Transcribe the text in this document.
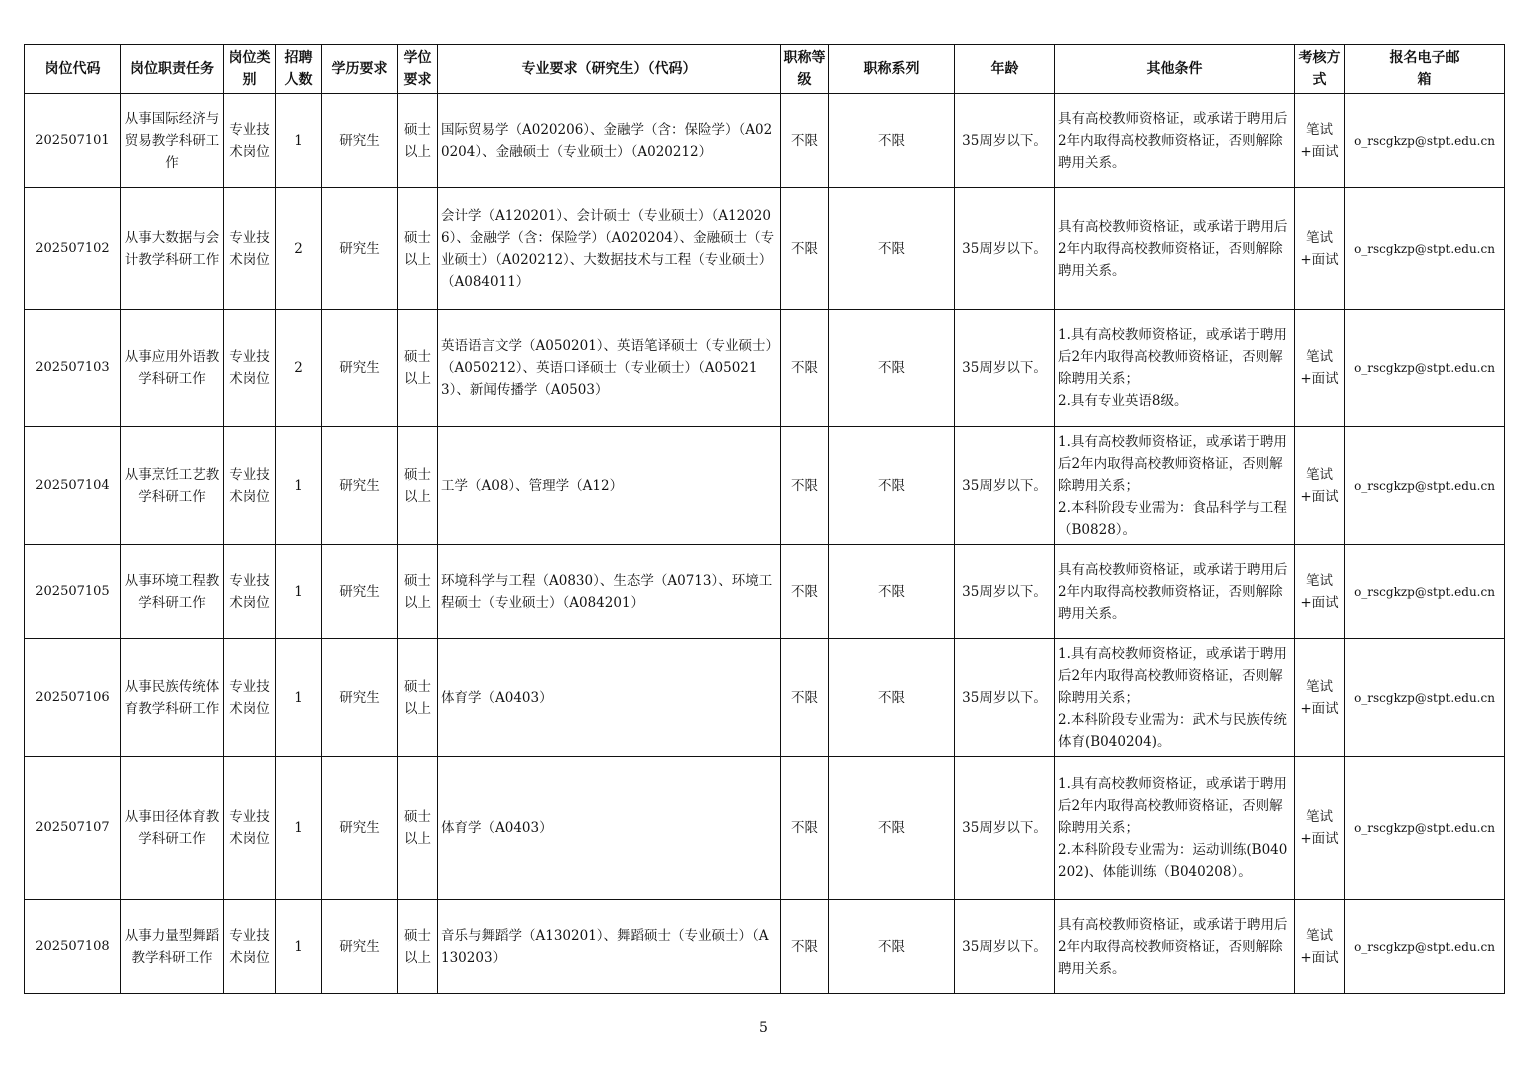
岗位代码	岗位职责任务	岗位类别	招聘人数	学历要求	学位要求	专业要求（研究生）（代码）	职称等级	职称系列	年龄	其他条件	考核方式	报名电子邮箱
202507101	从事国际经济与贸易教学科研工作	专业技术岗位	1	研究生	硕士以上	国际贸易学（A020206）、金融学（含：保险学）（A020204）、金融硕士（专业硕士）（A020212）	不限	不限	35周岁以下。	具有高校教师资格证，或承诺于聘用后2年内取得高校教师资格证，否则解除聘用关系。	笔试+面试	o_rscgkzp@stpt.edu.cn
202507102	从事大数据与会计教学科研工作	专业技术岗位	2	研究生	硕士以上	会计学（A120201）、会计硕士（专业硕士）（A120206）、金融学（含：保险学）（A020204）、金融硕士（专业硕士）（A020212）、大数据技术与工程（专业硕士）（A084011）	不限	不限	35周岁以下。	具有高校教师资格证，或承诺于聘用后2年内取得高校教师资格证，否则解除聘用关系。	笔试+面试	o_rscgkzp@stpt.edu.cn
202507103	从事应用外语教学科研工作	专业技术岗位	2	研究生	硕士以上	英语语言文学（A050201）、英语笔译硕士（专业硕士）（A050212）、英语口译硕士（专业硕士）（A050213）、新闻传播学（A0503）	不限	不限	35周岁以下。	1.具有高校教师资格证，或承诺于聘用后2年内取得高校教师资格证，否则解除聘用关系；
2.具有专业英语8级。	笔试+面试	o_rscgkzp@stpt.edu.cn
202507104	从事烹饪工艺教学科研工作	专业技术岗位	1	研究生	硕士以上	工学（A08）、管理学（A12）	不限	不限	35周岁以下。	1.具有高校教师资格证，或承诺于聘用后2年内取得高校教师资格证，否则解除聘用关系；
2.本科阶段专业需为：食品科学与工程（B0828）。	笔试+面试	o_rscgkzp@stpt.edu.cn
202507105	从事环境工程教学科研工作	专业技术岗位	1	研究生	硕士以上	环境科学与工程（A0830）、生态学（A0713）、环境工程硕士（专业硕士）（A084201）	不限	不限	35周岁以下。	具有高校教师资格证，或承诺于聘用后2年内取得高校教师资格证，否则解除聘用关系。	笔试+面试	o_rscgkzp@stpt.edu.cn
202507106	从事民族传统体育教学科研工作	专业技术岗位	1	研究生	硕士以上	体育学（A0403）	不限	不限	35周岁以下。	1.具有高校教师资格证，或承诺于聘用后2年内取得高校教师资格证，否则解除聘用关系；
2.本科阶段专业需为：武术与民族传统体育(B040204)。	笔试+面试	o_rscgkzp@stpt.edu.cn
202507107	从事田径体育教学科研工作	专业技术岗位	1	研究生	硕士以上	体育学（A0403）	不限	不限	35周岁以下。	1.具有高校教师资格证，或承诺于聘用后2年内取得高校教师资格证，否则解除聘用关系；
2.本科阶段专业需为：运动训练(B040202)、体能训练（B040208）。	笔试+面试	o_rscgkzp@stpt.edu.cn
202507108	从事力量型舞蹈教学科研工作	专业技术岗位	1	研究生	硕士以上	音乐与舞蹈学（A130201）、舞蹈硕士（专业硕士）（A130203）	不限	不限	35周岁以下。	具有高校教师资格证，或承诺于聘用后2年内取得高校教师资格证，否则解除聘用关系。	笔试+面试	o_rscgkzp@stpt.edu.cn
5
